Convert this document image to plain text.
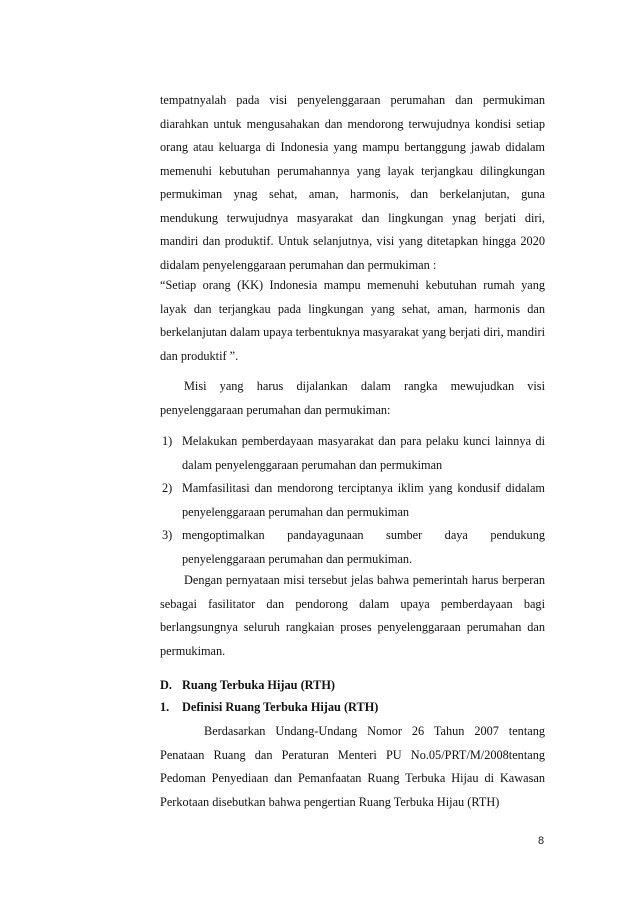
tempatnyalah pada visi penyelenggaraan perumahan dan permukiman diarahkan untuk mengusahakan dan mendorong terwujudnya kondisi setiap orang atau keluarga di Indonesia yang mampu bertanggung jawab didalam memenuhi kebutuhan perumahannya yang layak terjangkau dilingkungan permukiman ynag sehat, aman, harmonis, dan berkelanjutan, guna mendukung terwujudnya masyarakat dan lingkungan ynag berjati diri, mandiri dan produktif. Untuk selanjutnya, visi yang ditetapkan hingga 2020 didalam penyelenggaraan perumahan dan permukiman :

“Setiap orang (KK) Indonesia mampu memenuhi kebutuhan rumah yang layak dan terjangkau pada lingkungan yang sehat, aman, harmonis dan berkelanjutan dalam upaya terbentuknya masyarakat yang berjati diri, mandiri dan produktif ”.

Misi yang harus dijalankan dalam rangka mewujudkan visi penyelenggaraan perumahan dan permukiman:

1) Melakukan pemberdayaan masyarakat dan para pelaku kunci lainnya di dalam penyelenggaraan perumahan dan permukiman
2) Mamfasilitasi dan mendorong terciptanya iklim yang kondusif didalam penyelenggaraan perumahan dan permukiman
3) mengoptimalkan pandayagunaan sumber daya pendukung penyelenggaraan perumahan dan permukiman.

Dengan pernyataan misi tersebut jelas bahwa pemerintah harus berperan sebagai fasilitator dan pendorong dalam upaya pemberdayaan bagi berlangsungnya seluruh rangkaian proses penyelenggaraan perumahan dan permukiman.

D. Ruang Terbuka Hijau (RTH)
1. Definisi Ruang Terbuka Hijau (RTH)

Berdasarkan Undang-Undang Nomor 26 Tahun 2007 tentang Penataan Ruang dan Peraturan Menteri PU No.05/PRT/M/2008tentang Pedoman Penyediaan dan Pemanfaatan Ruang Terbuka Hijau di Kawasan Perkotaan disebutkan bahwa pengertian Ruang Terbuka Hijau (RTH)

8
